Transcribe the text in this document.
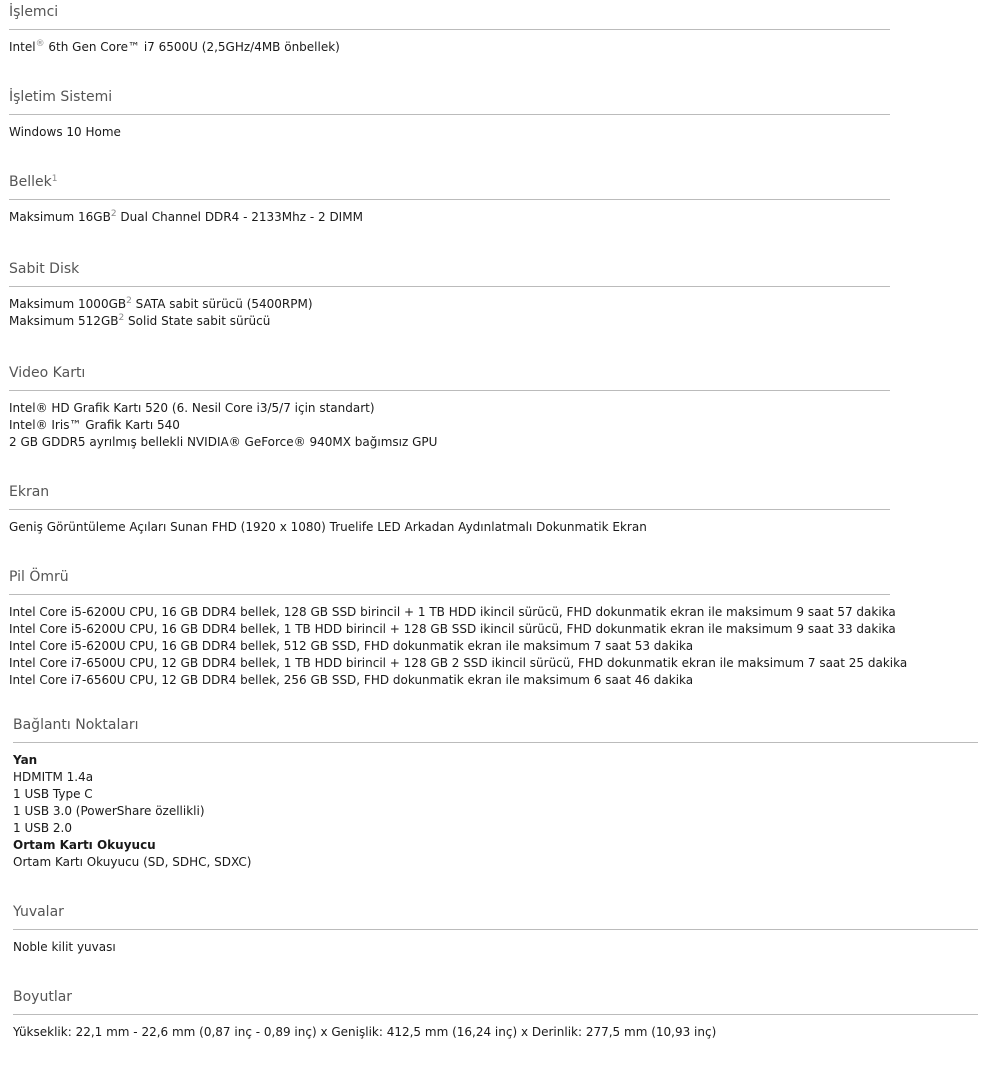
İşlemci
Intel® 6th Gen Core™ i7 6500U (2,5GHz/4MB önbellek)
İşletim Sistemi
Windows 10 Home
Bellek$^1$
Maksimum $16GB^2$ Dual Channel DDR4 - 2133Mhz - 2 DIMM
Sabit Disk
Maksimum $1000GB^2$ SATA sabit sürücü (5400RPM)
Maksimum $512GB^2$ Solid State sabit sürücü
Video Kartı
Intel® HD Grafik Kartı 520 (6. Nesil Core i3/5/7 için standart)
Intel® Iris™ Grafik Kartı 540
2 GB GDDR5 ayrılmış bellekli NVIDIA® GeForce® 940MX bağımsız GPU
Ekran
Geniş Görüntüleme Açıları Sunan FHD (1920 x 1080) Truelife LED Arkadan Aydınlatmalı Dokunmatik Ekran
Pil Ömrü
Intel Core i5-6200U CPU, 16 GB DDR4 bellek, 128 GB SSD birincil + 1 TB HDD ikincil sürücü, FHD dokunmatik ekran ile maksimum 9 saat 57 dakika
Intel Core i5-6200U CPU, 16 GB DDR4 bellek, 1 TB HDD birincil + 128 GB SSD ikincil sürücü, FHD dokunmatik ekran ile maksimum 9 saat 33 dakika
Intel Core i5-6200U CPU, 16 GB DDR4 bellek, 512 GB SSD, FHD dokunmatik ekran ile maksimum 7 saat 53 dakika
Intel Core i7-6500U CPU, 12 GB DDR4 bellek, 1 TB HDD birincil + 128 GB 2 SSD ikincil sürücü, FHD dokunmatik ekran ile maksimum 7 saat 25 dakika
Intel Core i7-6560U CPU, 12 GB DDR4 bellek, 256 GB SSD, FHD dokunmatik ekran ile maksimum 6 saat 46 dakika
Bağlantı Noktaları
Yan
HDMITM 1.4a
1 USB Type C
1 USB 3.0 (PowerShare özellikli)
1 USB 2.0
Ortam Kartı Okuyucu
Ortam Kartı Okuyucu (SD, SDHC, SDXC)
Yuvalar
Noble kilit yuvası
Boyutlar
Yükseklik: 22,1 mm - 22,6 mm (0,87 inç - 0,89 inç) x Genişlik: 412,5 mm (16,24 inç) x Derinlik: 277,5 mm (10,93 inç)
